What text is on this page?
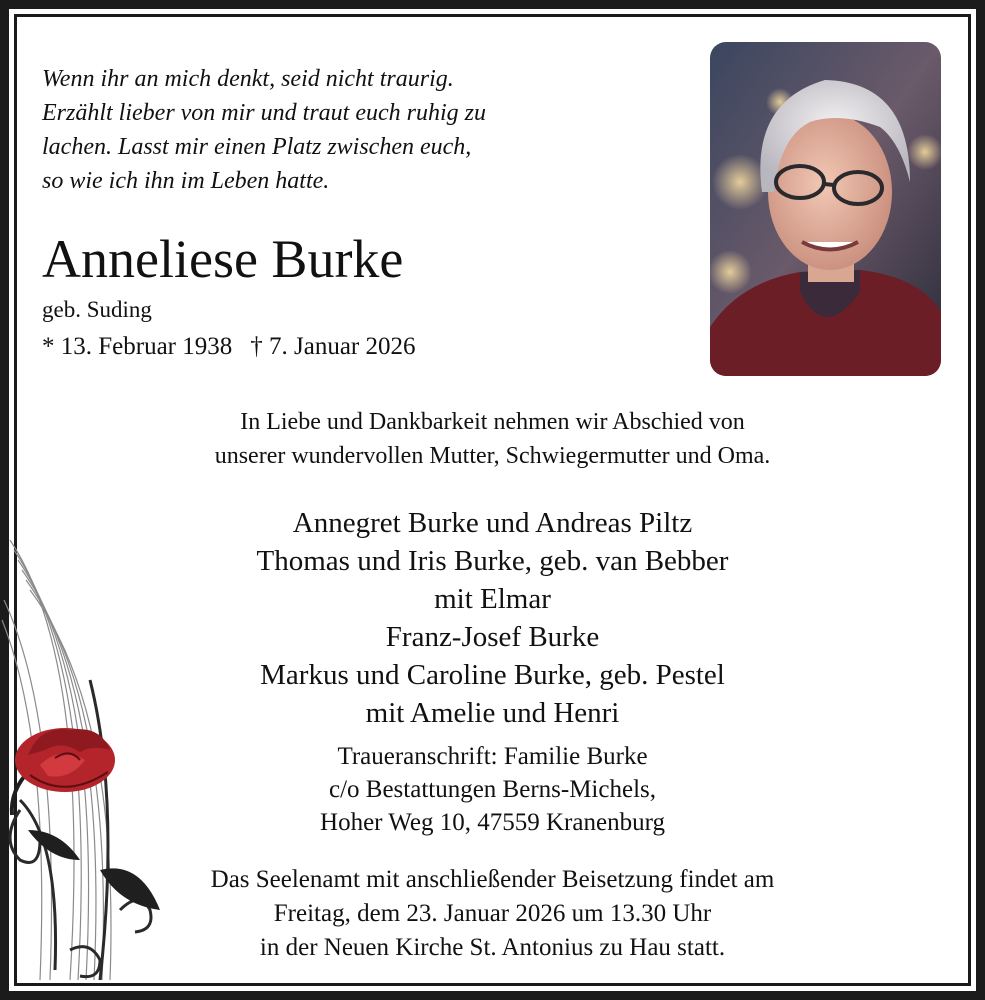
Wenn ihr an mich denkt, seid nicht traurig.
Erzählt lieber von mir und traut euch ruhig zu
lachen. Lasst mir einen Platz zwischen euch,
so wie ich ihn im Leben hatte.
Anneliese Burke
geb. Suding
* 13. Februar 1938 † 7. Januar 2026
In Liebe und Dankbarkeit nehmen wir Abschied von
unserer wundervollen Mutter, Schwiegermutter und Oma.
Annegret Burke und Andreas Piltz
Thomas und Iris Burke, geb. van Bebber
mit Elmar
Franz-Josef Burke
Markus und Caroline Burke, geb. Pestel
mit Amelie und Henri
Traueranschrift: Familie Burke
c/o Bestattungen Berns-Michels,
Hoher Weg 10, 47559 Kranenburg
Das Seelenamt mit anschließender Beisetzung findet am
Freitag, dem 23. Januar 2026 um 13.30 Uhr
in der Neuen Kirche St. Antonius zu Hau statt.
